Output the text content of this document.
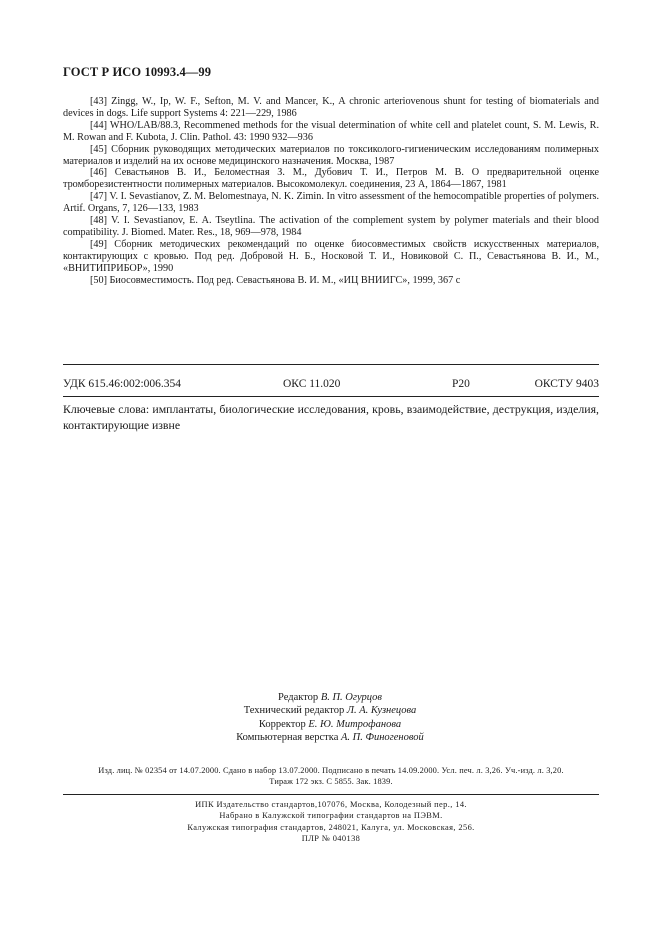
ГОСТ Р ИСО 10993.4—99

[43] Zingg, W., Ip, W. F., Sefton, M. V. and Mancer, K., A chronic arteriovenous shunt for testing of biomaterials and devices in dogs. Life support Systems 4: 221—229, 1986

[44] WHO/LAB/88.3, Recommened methods for the visual determination of white cell and platelet count, S. M. Lewis, R. M. Rowan and F. Kubota, J. Clin. Pathol. 43: 1990 932—936

[45] Сборник руководящих методических материалов по токсиколого-гигиеническим исследованиям полимерных материалов и изделий на их основе медицинского назначения. Москва, 1987

[46] Севастьянов В. И., Беломестная З. М., Дубович Т. И., Петров М. В. О предварительной оценке тромборезистентности полимерных материалов. Высокомолекул. соединения, 23 А, 1864—1867, 1981

[47] V. I. Sevastianov, Z. M. Belomestnaya, N. K. Zimin. In vitro assessment of the hemocompatible properties of polymers. Artif. Organs, 7, 126—133, 1983

[48] V. I. Sevastianov, E. A. Tseytlina. The activation of the complement system by polymer materials and their blood compatibility. J. Biomed. Mater. Res., 18, 969—978, 1984

[49] Сборник методических рекомендаций по оценке биосовместимых свойств искусственных материалов, контактирующих с кровью. Под ред. Добровой Н. Б., Носковой Т. И., Новиковой С. П., Севастьянова В. И., М., «ВНИТИПРИБОР», 1990

[50] Биосовместимость. Под ред. Севастьянова В. И. М., «ИЦ ВНИИГС», 1999, 367 с

УДК 615.46:002:006.354	ОКС 11.020	Р20	ОКСТУ 9403
Ключевые слова: имплантаты, биологические исследования, кровь, взаимодействие, деструкция, изделия, контактирующие извне
Редактор В. П. Огурцов
Технический редактор Л. А. Кузнецова
Корректор Е. Ю. Митрофанова
Компьютерная верстка А. П. Финогеновой
Изд. лиц. № 02354 от 14.07.2000. Сдано в набор 13.07.2000. Подписано в печать 14.09.2000. Усл. печ. л. 3,26. Уч.-изд. л. 3,20.
Тираж 172 экз. С 5855. Зак. 1839.
ИПК Издательство стандартов,107076, Москва, Колодезный пер., 14.
Набрано в Калужской типографии стандартов на ПЭВМ.
Калужская типография стандартов, 248021, Калуга, ул. Московская, 256.
ПЛР № 040138
